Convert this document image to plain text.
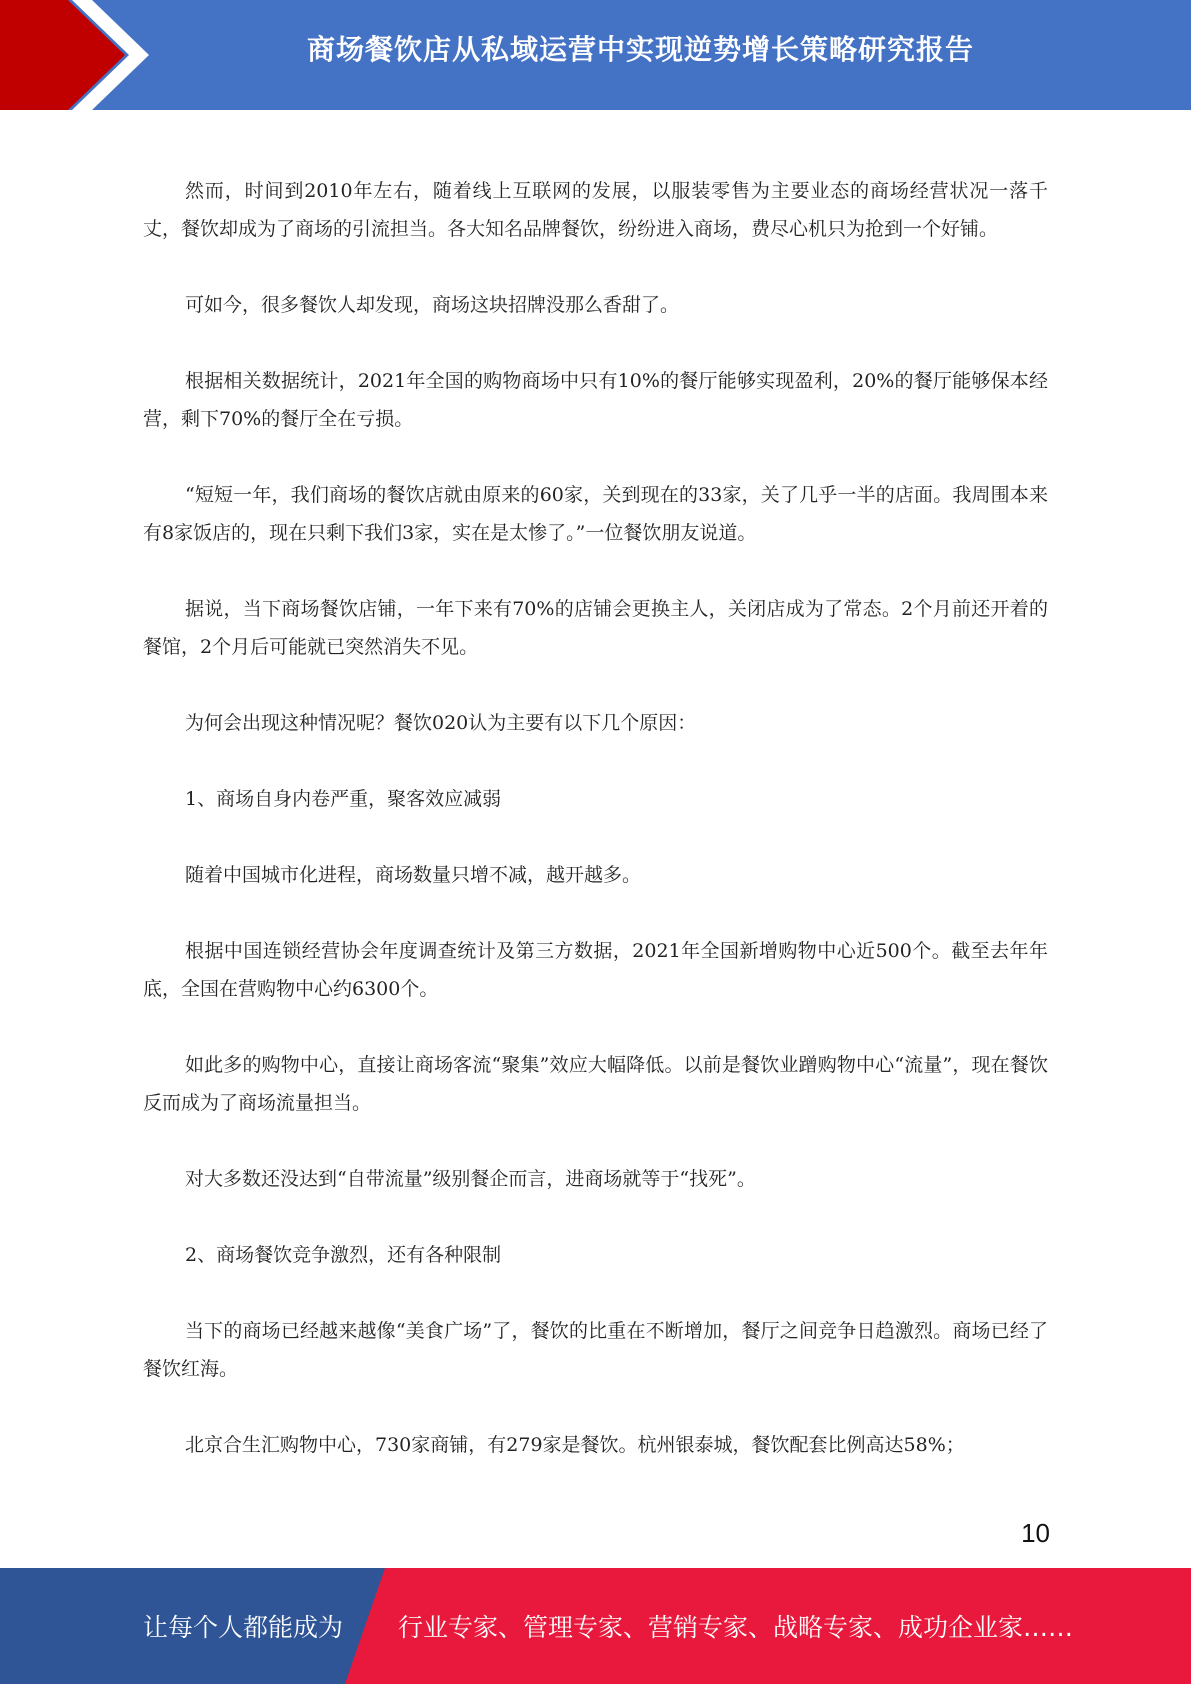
商场餐饮店从私域运营中实现逆势增长策略研究报告

然而，时间到2010年左右，随着线上互联网的发展，以服装零售为主要业态的商场经营状况一落千丈，餐饮却成为了商场的引流担当。各大知名品牌餐饮，纷纷进入商场，费尽心机只为抢到一个好铺。

可如今，很多餐饮人却发现，商场这块招牌没那么香甜了。

根据相关数据统计，2021年全国的购物商场中只有10%的餐厅能够实现盈利，20%的餐厅能够保本经营，剩下70%的餐厅全在亏损。

“短短一年，我们商场的餐饮店就由原来的60家，关到现在的33家，关了几乎一半的店面。我周围本来有8家饭店的，现在只剩下我们3家，实在是太惨了。”一位餐饮朋友说道。

据说，当下商场餐饮店铺，一年下来有70%的店铺会更换主人，关闭店成为了常态。2个月前还开着的餐馆，2个月后可能就已突然消失不见。

为何会出现这种情况呢？餐饮020认为主要有以下几个原因：

1、商场自身内卷严重，聚客效应减弱

随着中国城市化进程，商场数量只增不减，越开越多。

根据中国连锁经营协会年度调查统计及第三方数据，2021年全国新增购物中心近500个。截至去年年底，全国在营购物中心约6300个。

如此多的购物中心，直接让商场客流“聚集”效应大幅降低。以前是餐饮业蹭购物中心“流量”，现在餐饮反而成为了商场流量担当。

对大多数还没达到“自带流量”级别餐企而言，进商场就等于“找死”。

2、商场餐饮竞争激烈，还有各种限制

当下的商场已经越来越像“美食广场”了，餐饮的比重在不断增加，餐厅之间竞争日趋激烈。商场已经了餐饮红海。

北京合生汇购物中心，730家商铺，有279家是餐饮。杭州银泰城，餐饮配套比例高达58%；

10
让每个人都能成为 行业专家、管理专家、营销专家、战略专家、成功企业家……
